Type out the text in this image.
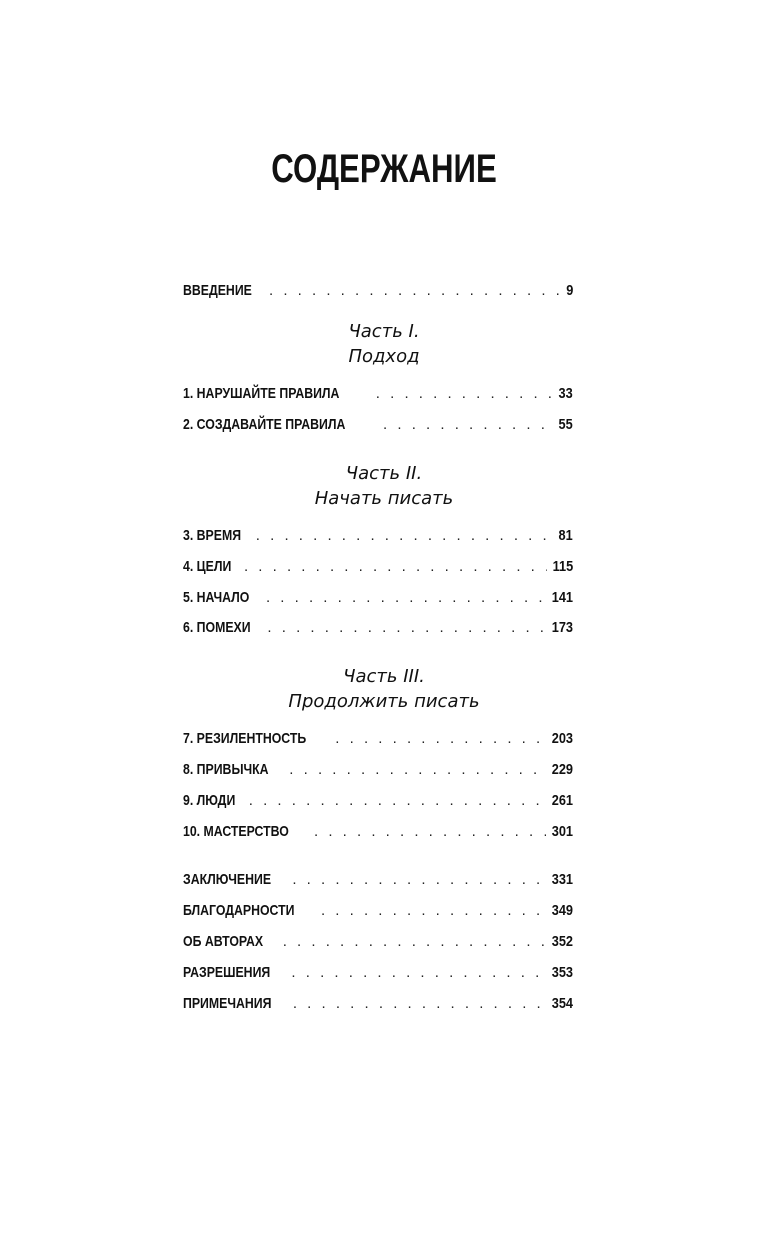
СОДЕРЖАНИЕ
ВВЕДЕНИЕ . . .	9
1. НАРУШАЙТЕ ПРАВИЛА . . .	33
2. СОЗДАВАЙТЕ ПРАВИЛА . . .	55
3. ВРЕМЯ . . .	81
4. ЦЕЛИ . . .	115
5. НАЧАЛО . . .	141
6. ПОМЕХИ . . .	173
7. РЕЗИЛЕНТНОСТЬ . . .	203
8. ПРИВЫЧКА . . .	229
9. ЛЮДИ . . .	261
10. МАСТЕРСТВО . . .	301
ЗАКЛЮЧЕНИЕ . . .	331
БЛАГОДАРНОСТИ . . .	349
ОБ АВТОРАХ . . .	352
РАЗРЕШЕНИЯ . . .	353
ПРИМЕЧАНИЯ . . .	354
Часть I.
Подход
Часть II.
Начать писать
Часть III.
Продолжить писать
